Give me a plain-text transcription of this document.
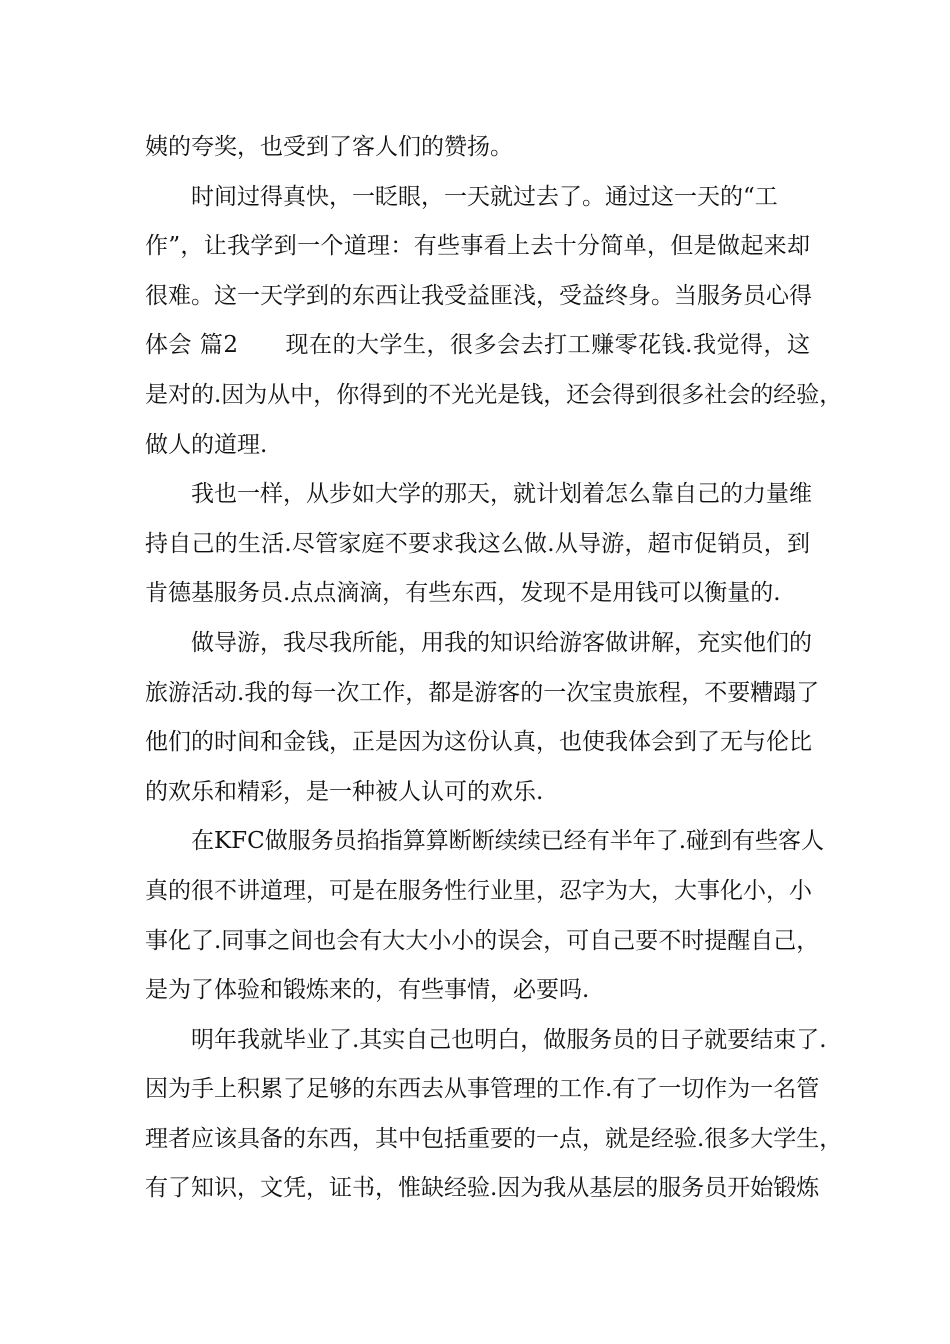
姨的夸奖，也受到了客人们的赞扬。

时间过得真快，一眨眼，一天就过去了。通过这一天的“工

作”，让我学到一个道理：有些事看上去十分简单，但是做起来却

很难。这一天学到的东西让我受益匪浅，受益终身。当服务员心得

体会 篇2　　现在的大学生，很多会去打工赚零花钱.我觉得，这

是对的.因为从中，你得到的不光光是钱，还会得到很多社会的经验，

做人的道理.

我也一样，从步如大学的那天，就计划着怎么靠自己的力量维

持自己的生活.尽管家庭不要求我这么做.从导游，超市促销员，到

肯德基服务员.点点滴滴，有些东西，发现不是用钱可以衡量的.

做导游，我尽我所能，用我的知识给游客做讲解，充实他们的

旅游活动.我的每一次工作，都是游客的一次宝贵旅程，不要糟蹋了

他们的时间和金钱，正是因为这份认真，也使我体会到了无与伦比

的欢乐和精彩，是一种被人认可的欢乐.

在KFC做服务员掐指算算断断续续已经有半年了.碰到有些客人

真的很不讲道理，可是在服务性行业里，忍字为大，大事化小，小

事化了.同事之间也会有大大小小的误会，可自己要不时提醒自己，

是为了体验和锻炼来的，有些事情，必要吗.

明年我就毕业了.其实自己也明白，做服务员的日子就要结束了.

因为手上积累了足够的东西去从事管理的工作.有了一切作为一名管

理者应该具备的东西，其中包括重要的一点，就是经验.很多大学生，

有了知识，文凭，证书，惟缺经验.因为我从基层的服务员开始锻炼
